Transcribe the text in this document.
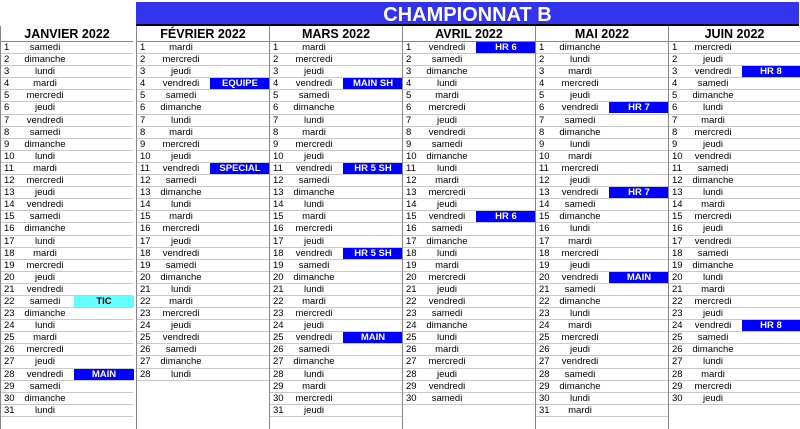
CHAMPIONNAT B
JANVIER 2022
1	samedi
2	dimanche
3	lundi
4	mardi
5	mercredi
6	jeudi
7	vendredi
8	samedi
9	dimanche
10	lundi
11	mardi
12	mercredi
13	jeudi
14	vendredi
15	samedi
16	dimanche
17	lundi
18	mardi
19	mercredi
20	jeudi
21	vendredi
22	samedi	TIC
23	dimanche
24	lundi
25	mardi
26	mercredi
27	jeudi
28	vendredi	MAIN
29	samedi
30	dimanche
31	lundi
FÉVRIER 2022
1	mardi
2	mercredi
3	jeudi
4	vendredi	EQUIPE
5	samedi
6	dimanche
7	lundi
8	mardi
9	mercredi
10	jeudi
11	vendredi	SPECIAL
12	samedi
13	dimanche
14	lundi
15	mardi
16	mercredi
17	jeudi
18	vendredi
19	samedi
20	dimanche
21	lundi
22	mardi
23	mercredi
24	jeudi
25	vendredi
26	samedi
27	dimanche
28	lundi
MARS 2022
1	mardi
2	mercredi
3	jeudi
4	vendredi	MAIN SH
5	samedi
6	dimanche
7	lundi
8	mardi
9	mercredi
10	jeudi
11	vendredi	HR 5 SH
12	samedi
13	dimanche
14	lundi
15	mardi
16	mercredi
17	jeudi
18	vendredi	HR 5 SH
19	samedi
20	dimanche
21	lundi
22	mardi
23	mercredi
24	jeudi
25	vendredi	MAIN
26	samedi
27	dimanche
28	lundi
29	mardi
30	mercredi
31	jeudi
AVRIL 2022
1	vendredi	HR 6
2	samedi
3	dimanche
4	lundi
5	mardi
6	mercredi
7	jeudi
8	vendredi
9	samedi
10	dimanche
11	lundi
12	mardi
13	mercredi
14	jeudi
15	vendredi	HR 6
16	samedi
17	dimanche
18	lundi
19	mardi
20	mercredi
21	jeudi
22	vendredi
23	samedi
24	dimanche
25	lundi
26	mardi
27	mercredi
28	jeudi
29	vendredi
30	samedi
MAI 2022
1	dimanche
2	lundi
3	mardi
4	mercredi
5	jeudi
6	vendredi	HR 7
7	samedi
8	dimanche
9	lundi
10	mardi
11	mercredi
12	jeudi
13	vendredi	HR 7
14	samedi
15	dimanche
16	lundi
17	mardi
18	mercredi
19	jeudi
20	vendredi	MAIN
21	samedi
22	dimanche
23	lundi
24	mardi
25	mercredi
26	jeudi
27	vendredi
28	samedi
29	dimanche
30	lundi
31	mardi
JUIN 2022
1	mercredi
2	jeudi
3	vendredi	HR 8
4	samedi
5	dimanche
6	lundi
7	mardi
8	mercredi
9	jeudi
10	vendredi
11	samedi
12	dimanche
13	lundi
14	mardi
15	mercredi
16	jeudi
17	vendredi
18	samedi
19	dimanche
20	lundi
21	mardi
22	mercredi
23	jeudi
24	vendredi	HR 8
25	samedi
26	dimanche
27	lundi
28	mardi
29	mercredi
30	jeudi
